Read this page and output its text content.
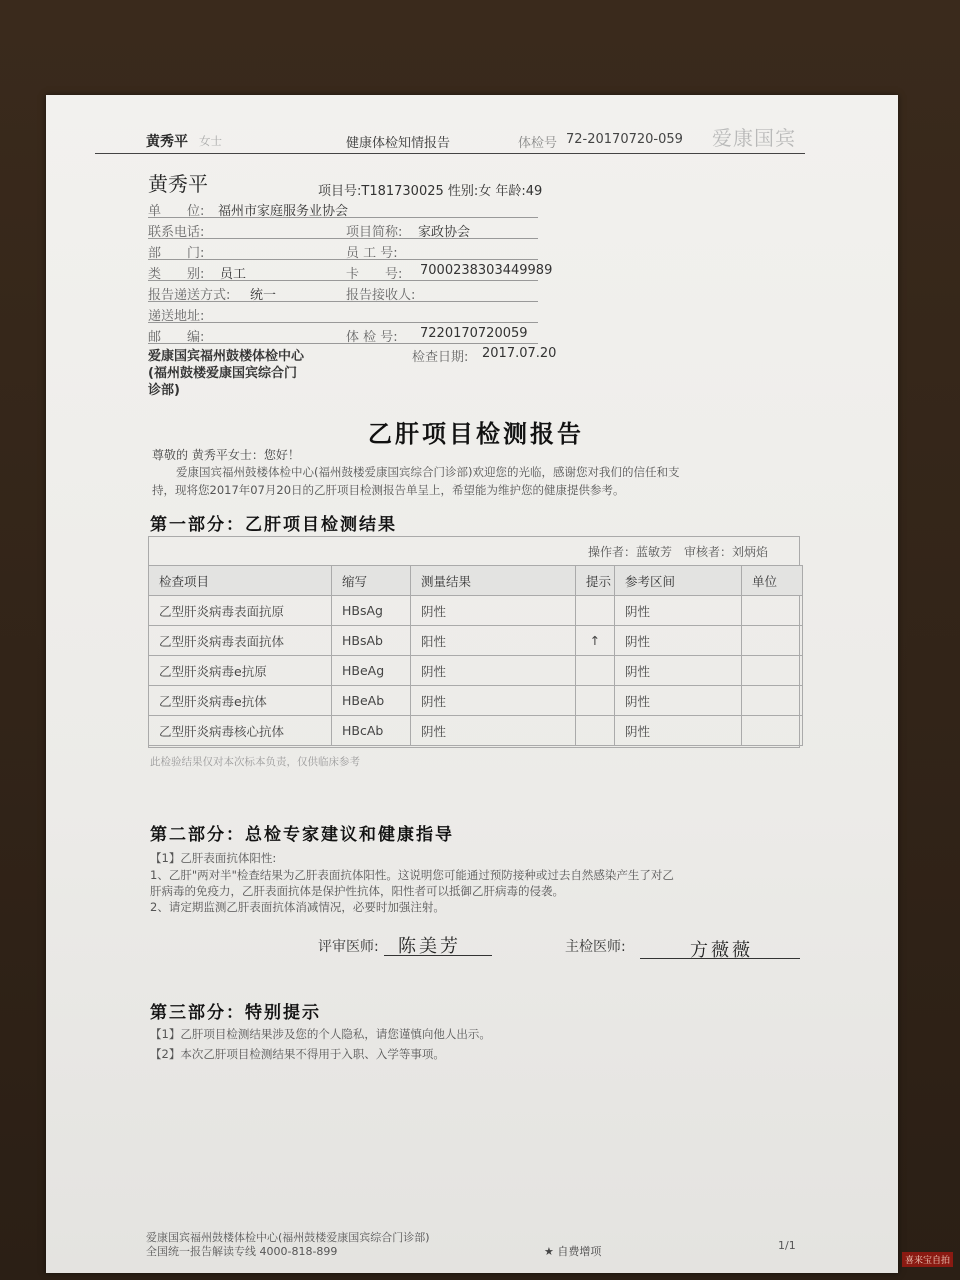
黄秀平 女士	健康体检知情报告	体检号 72-20170720-059 爱康国宾
黄秀平	项目号:T181730025 性别:女 年龄:49
单　　位: 福州市家庭服务业协会
联系电话:
部　　门:
类　　别: 员工
报告递送方式: 统一
递送地址:
邮　　编:
项目简称: 家政协会
员 工 号:
卡　　号: 7000238303449989
报告接收人:
体 检 号: 7220170720059
爱康国宾福州鼓楼体检中心
(福州鼓楼爱康国宾综合门
诊部)
检查日期: 2017.07.20
乙肝项目检测报告
尊敬的 黄秀平女士：您好！
爱康国宾福州鼓楼体检中心(福州鼓楼爱康国宾综合门诊部)欢迎您的光临，感谢您对我们的信任和支
持，现将您2017年07月20日的乙肝项目检测报告单呈上，希望能为维护您的健康提供参考。
第一部分：乙肝项目检测结果
操作者：蓝敏芳　审核者：刘炳焰
检查项目	缩写	测量结果	提示	参考区间	单位
乙型肝炎病毒表面抗原	HBsAg	阴性		阴性	
乙型肝炎病毒表面抗体	HBsAb	阳性	↑	阴性	
乙型肝炎病毒e抗原	HBeAg	阴性		阴性	
乙型肝炎病毒e抗体	HBeAb	阴性		阴性	
乙型肝炎病毒核心抗体	HBcAb	阴性		阴性	
此检验结果仅对本次标本负责，仅供临床参考
第二部分：总检专家建议和健康指导
【1】乙肝表面抗体阳性:
1、乙肝"两对半"检查结果为乙肝表面抗体阳性。这说明您可能通过预防接种或过去自然感染产生了对乙
肝病毒的免疫力，乙肝表面抗体是保护性抗体，阳性者可以抵御乙肝病毒的侵袭。
2、请定期监测乙肝表面抗体消减情况，必要时加强注射。
评审医师: 陈美芳	主检医师:	方薇薇
第三部分：特别提示
【1】乙肝项目检测结果涉及您的个人隐私，请您谨慎向他人出示。
【2】本次乙肝项目检测结果不得用于入职、入学等事项。
爱康国宾福州鼓楼体检中心(福州鼓楼爱康国宾综合门诊部)
全国统一报告解读专线 4000-818-899	★ 自费增项	1/1
喜来宝自拍
